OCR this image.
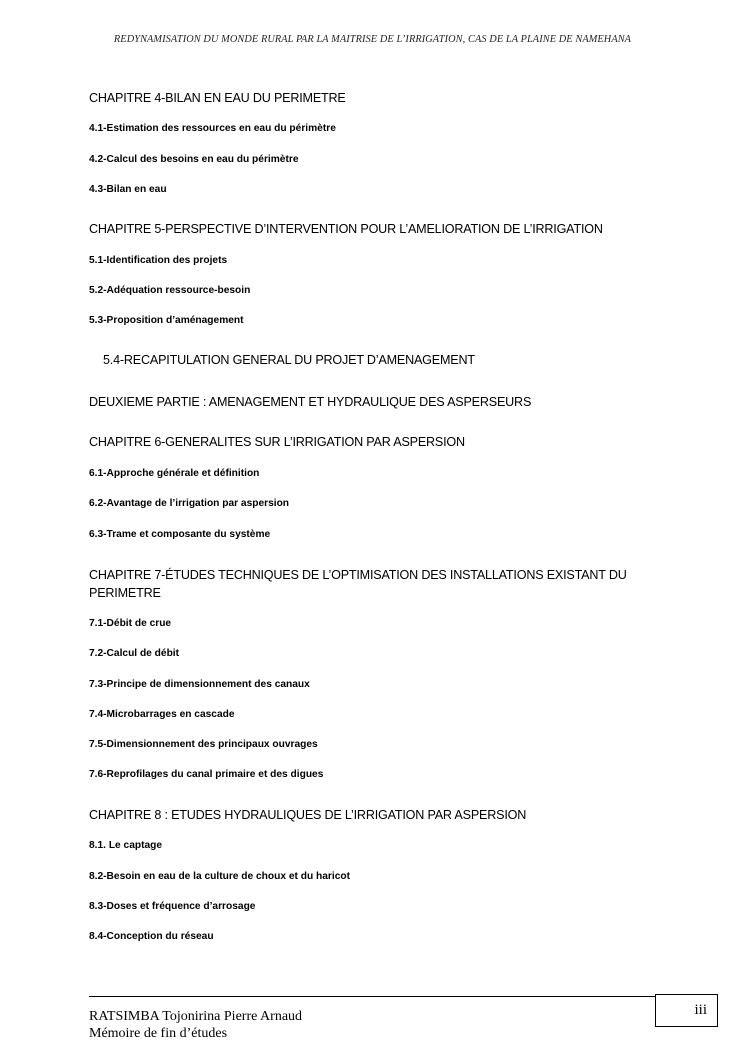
REDYNAMISATION DU MONDE RURAL PAR LA MAITRISE DE L’IRRIGATION, CAS DE LA PLAINE DE NAMEHANA
CHAPITRE 4-BILAN EN EAU DU PERIMETRE
4.1-Estimation des ressources en eau du périmètre
4.2-Calcul des besoins en eau du périmètre
4.3-Bilan en eau
CHAPITRE 5-PERSPECTIVE D’INTERVENTION POUR L’AMELIORATION DE L’IRRIGATION
5.1-Identification des projets
5.2-Adéquation ressource-besoin
5.3-Proposition d’aménagement
5.4-RECAPITULATION GENERAL DU PROJET D’AMENAGEMENT
DEUXIEME PARTIE : AMENAGEMENT ET HYDRAULIQUE DES ASPERSEURS
CHAPITRE 6-GENERALITES SUR L’IRRIGATION PAR ASPERSION
6.1-Approche générale et définition
6.2-Avantage de l’irrigation par aspersion
6.3-Trame et composante du système
CHAPITRE 7-ÉTUDES TECHNIQUES DE L’OPTIMISATION DES INSTALLATIONS EXISTANT DU PERIMETRE
7.1-Débit de crue
7.2-Calcul de débit
7.3-Principe de dimensionnement des canaux
7.4-Microbarrages en cascade
7.5-Dimensionnement des principaux ouvrages
7.6-Reprofilages du canal primaire et des digues
CHAPITRE 8 : ETUDES HYDRAULIQUES DE L’IRRIGATION PAR ASPERSION
8.1. Le captage
8.2-Besoin en eau de la culture de choux et du haricot
8.3-Doses et fréquence d’arrosage
8.4-Conception du réseau
RATSIMBA Tojonirina Pierre Arnaud
Mémoire de fin d’études
iii
